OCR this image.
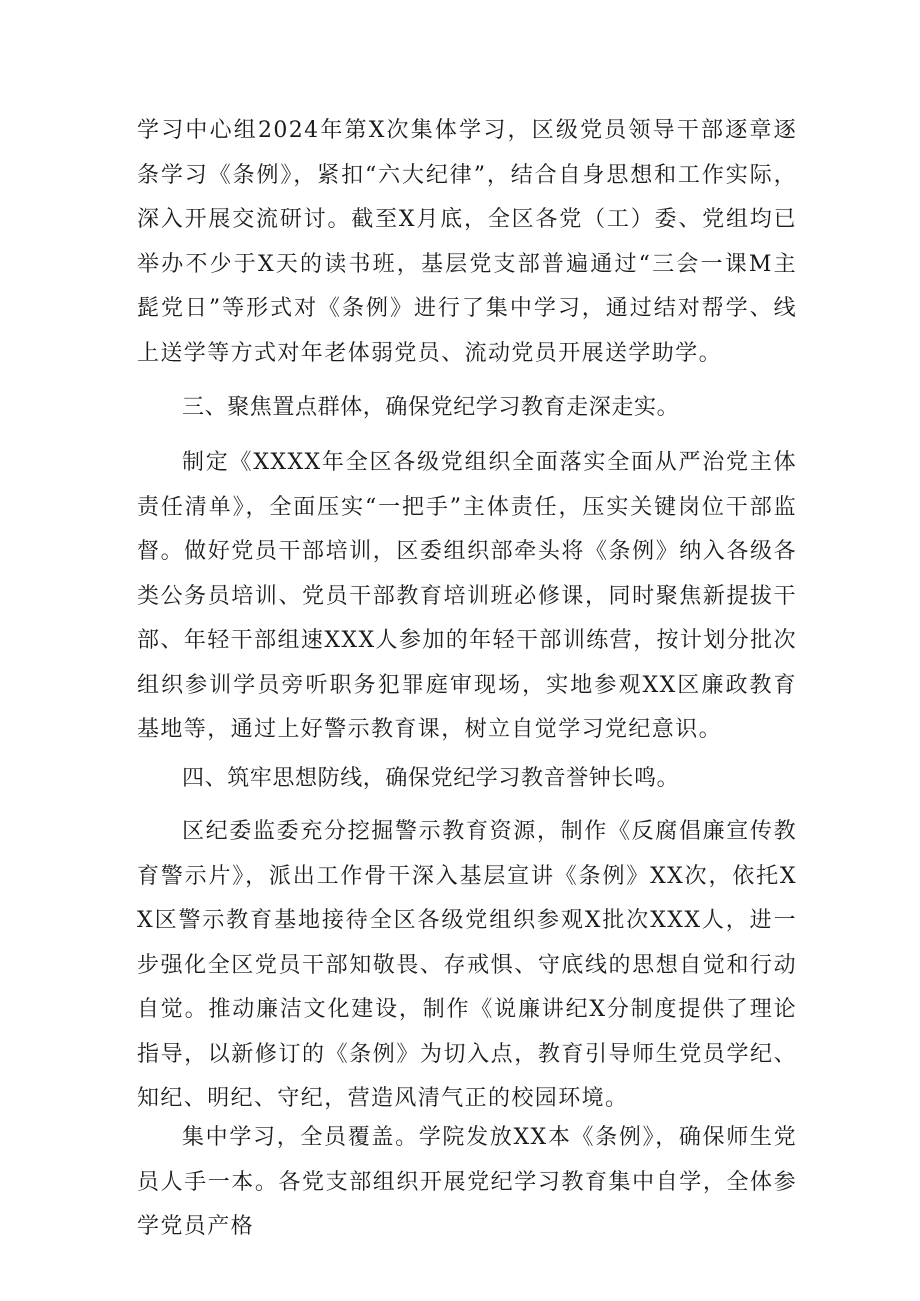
学习中心组2024年第X次集体学习，区级党员领导干部逐章逐条学习《条例》，紧扣“六大纪律”，结合自身思想和工作实际，深入开展交流研讨。截至X月底，全区各党（工）委、党组均已举办不少于X天的读书班，基层党支部普遍通过“三会一课M主髭党日”等形式对《条例》进行了集中学习，通过结对帮学、线上送学等方式对年老体弱党员、流动党员开展送学助学。

三、聚焦置点群体，确保党纪学习教育走深走实。

制定《XXXX年全区各级党组织全面落实全面从严治党主体责任清单》，全面压实“一把手”主体责任，压实关键岗位干部监督。做好党员干部培训，区委组织部牵头将《条例》纳入各级各类公务员培训、党员干部教育培训班必修课，同时聚焦新提拔干部、年轻干部组速XXX人参加的年轻干部训练营，按计划分批次组织参训学员旁听职务犯罪庭审现场，实地参观XX区廉政教育基地等，通过上好警示教育课，树立自觉学习党纪意识。

四、筑牢思想防线，确保党纪学习教音誉钟长鸣。

区纪委监委充分挖掘警示教育资源，制作《反腐倡廉宣传教育警示片》，派出工作骨干深入基层宣讲《条例》XX次，依托XX区警示教育基地接待全区各级党组织参观X批次XXX人，进一步强化全区党员干部知敬畏、存戒惧、守底线的思想自觉和行动自觉。推动廉洁文化建设，制作《说廉讲纪X分制度提供了理论指导，以新修订的《条例》为切入点，教育引导师生党员学纪、知纪、明纪、守纪，营造风清气正的校园环境。

集中学习，全员覆盖。学院发放XX本《条例》，确保师生党员人手一本。各党支部组织开展党纪学习教育集中自学，全体参学党员产格
